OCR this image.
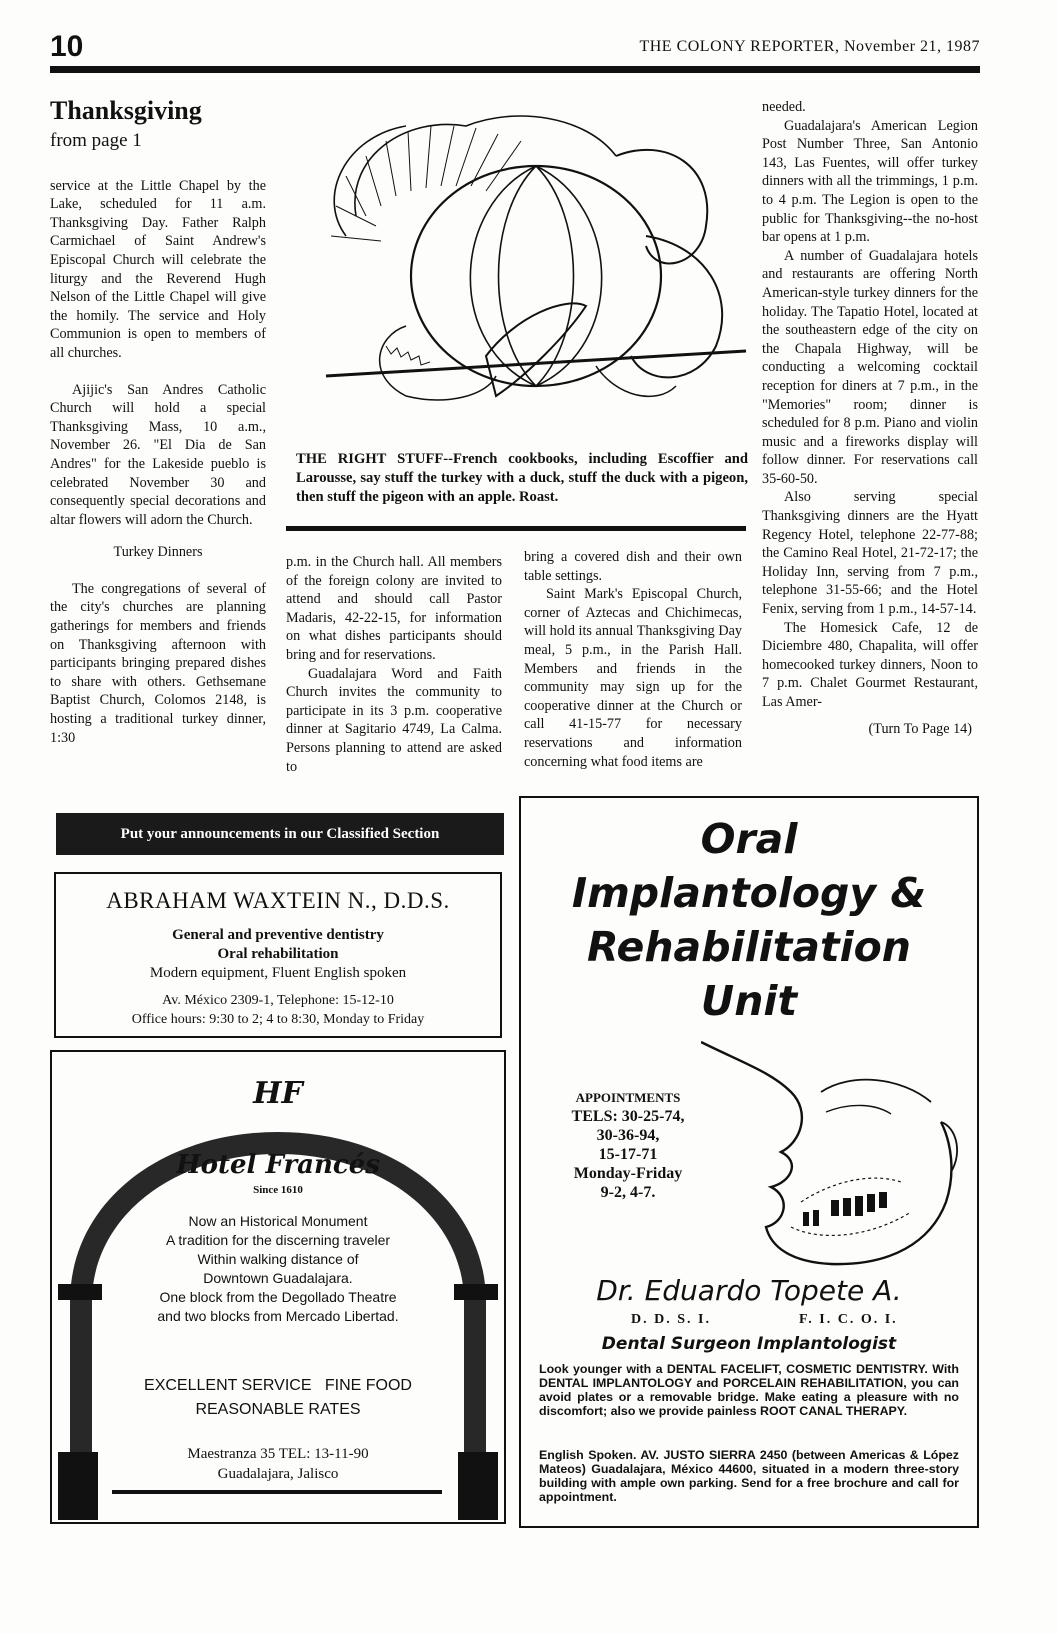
10	THE COLONY REPORTER, November 21, 1987
Thanksgiving
from page 1

service at the Little Chapel by the Lake, scheduled for 11 a.m. Thanksgiving Day. Father Ralph Carmichael of Saint Andrew's Episcopal Church will celebrate the liturgy and the Reverend Hugh Nelson of the Little Chapel will give the homily. The service and Holy Communion is open to members of all churches.

Ajijic's San Andres Catholic Church will hold a special Thanksgiving Mass, 10 a.m., November 26. "El Dia de San Andres" for the Lakeside pueblo is celebrated November 30 and consequently special decorations and altar flowers will adorn the Church.

Turkey Dinners

The congregations of several of the city's churches are planning gatherings for members and friends on Thanksgiving afternoon with participants bringing prepared dishes to share with others. Gethsemane Baptist Church, Colomos 2148, is hosting a traditional turkey dinner, 1:30

THE RIGHT STUFF--French cookbooks, including Escoffier and Larousse, say stuff the turkey with a duck, stuff the duck with a pigeon, then stuff the pigeon with an apple. Roast.

p.m. in the Church hall. All members of the foreign colony are invited to attend and should call Pastor Madaris, 42-22-15, for information on what dishes participants should bring and for reservations.

Guadalajara Word and Faith Church invites the community to participate in its 3 p.m. cooperative dinner at Sagitario 4749, La Calma. Persons planning to attend are asked to

bring a covered dish and their own table settings.

Saint Mark's Episcopal Church, corner of Aztecas and Chichimecas, will hold its annual Thanksgiving Day meal, 5 p.m., in the Parish Hall. Members and friends in the community may sign up for the cooperative dinner at the Church or call 41-15-77 for necessary reservations and information concerning what food items are

needed.

Guadalajara's American Legion Post Number Three, San Antonio 143, Las Fuentes, will offer turkey dinners with all the trimmings, 1 p.m. to 4 p.m. The Legion is open to the public for Thanksgiving--the no-host bar opens at 1 p.m.

A number of Guadalajara hotels and restaurants are offering North American-style turkey dinners for the holiday. The Tapatio Hotel, located at the southeastern edge of the city on the Chapala Highway, will be conducting a welcoming cocktail reception for diners at 7 p.m., in the "Memories" room; dinner is scheduled for 8 p.m. Piano and violin music and a fireworks display will follow dinner. For reservations call 35-60-50.

Also serving special Thanksgiving dinners are the Hyatt Regency Hotel, telephone 22-77-88; the Camino Real Hotel, 21-72-17; the Holiday Inn, serving from 7 p.m., telephone 31-55-66; and the Hotel Fenix, serving from 1 p.m., 14-57-14.

The Homesick Cafe, 12 de Diciembre 480, Chapalita, will offer homecooked turkey dinners, Noon to 7 p.m. Chalet Gourmet Restaurant, Las Amer-

(Turn To Page 14)
Put your announcements in our Classified Section
ABRAHAM WAXTEIN N., D.D.S.
General and preventive dentistry
Oral rehabilitation
Modern equipment, Fluent English spoken
Av. México 2309-1, Telephone: 15-12-10
Office hours: 9:30 to 2; 4 to 8:30, Monday to Friday
HF
Hotel Francés
Since 1610
Now an Historical Monument
A tradition for the discerning traveler
Within walking distance of
Downtown Guadalajara.
One block from the Degollado Theatre
and two blocks from Mercado Libertad.
EXCELLENT SERVICE FINE FOOD
REASONABLE RATES
Maestranza 35 TEL: 13-11-90
Guadalajara, Jalisco
Oral
Implantology &
Rehabilitation
Unit
APPOINTMENTS
TELS: 30-25-74,
30-36-94,
15-17-71
Monday-Friday
9-2, 4-7.
Dr. Eduardo Topete A.
D. D. S. I.	F. I. C. O. I.
Dental Surgeon Implantologist
Look younger with a DENTAL FACELIFT, COSMETIC DENTISTRY. With DENTAL IMPLANTOLOGY and PORCELAIN REHABILITATION, you can avoid plates or a removable bridge. Make eating a pleasure with no discomfort; also we provide painless ROOT CANAL THERAPY.
English Spoken. AV. JUSTO SIERRA 2450 (between Americas & López Mateos) Guadalajara, México 44600, situated in a modern three-story building with ample own parking. Send for a free brochure and call for appointment.
